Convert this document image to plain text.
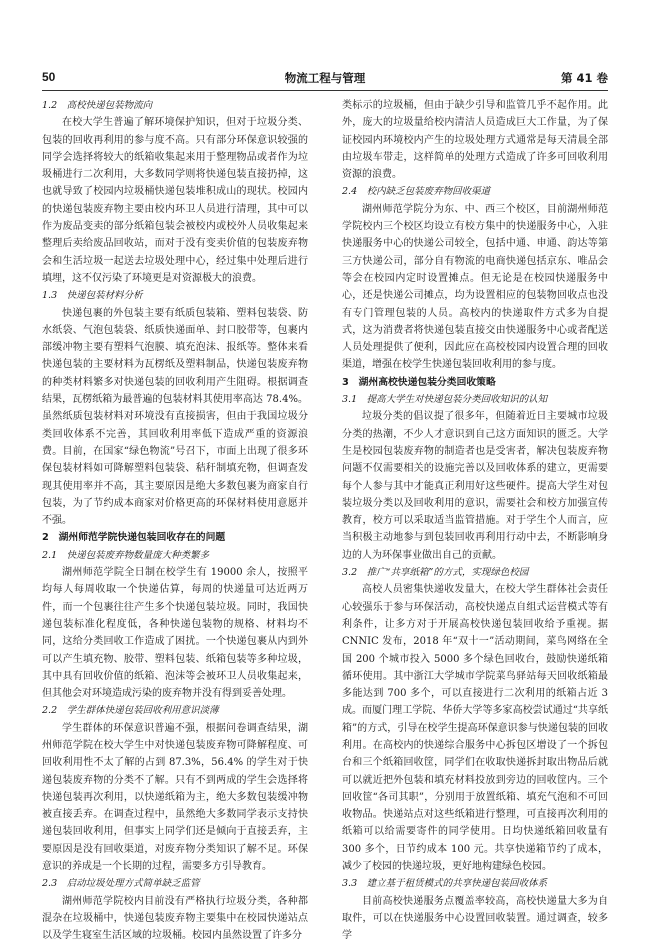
50	物流工程与管理	第 41 卷
1.2　高校快递包装物流向

在校大学生普遍了解环境保护知识，但对于垃圾分类、包装的回收再利用的参与度不高。只有部分环保意识较强的同学会选择将较大的纸箱收集起来用于整理物品或者作为垃圾桶进行二次利用，大多数同学则将快递包装直接扔掉，这也就导致了校园内垃圾桶快递包装堆积成山的现状。校园内的快递包装废弃物主要由校内环卫人员进行清理，其中可以作为废品变卖的部分纸箱包装会被校内或校外人员收集起来整理后卖给废品回收站，而对于没有变卖价值的包装废弃物会和生活垃圾一起送去垃圾处理中心，经过集中处理后进行填埋，这不仅污染了环境更是对资源极大的浪费。

1.3　快递包装材料分析

快递包裹的外包装主要有纸质包装箱、塑料包装袋、防水纸袋、气泡包装袋、纸质快递面单、封口胶带等，包裹内部缓冲物主要有塑料气泡膜、填充泡沫、报纸等。整体来看快递包装的主要材料为瓦楞纸及塑料制品，快递包装废弃物的种类材料繁多对快递包装的回收利用产生阻碍。根据调查结果，瓦楞纸箱为最普遍的包装材料其使用率高达 78.4%。虽然纸质包装材料对环境没有直接损害，但由于我国垃圾分类回收体系不完善，其回收利用率低下造成严重的资源浪费。目前，在国家“绿色物流”号召下，市面上出现了很多环保包装材料如可降解塑料包装袋、秸秆制填充物，但调查发现其使用率并不高，其主要原因是绝大多数包裹为商家自行包装，为了节约成本商家对价格更高的环保材料使用意愿并不强。

2　湖州师范学院快递包装回收存在的问题
2.1　快递包装废弃物数量庞大种类繁多

湖州师范学院全日制在校学生有 19000 余人，按照平均每人每周收取一个快递估算，每周的快递量可达近两万件，而一个包裹往往产生多个快递包装垃圾。同时，我国快递包装标准化程度低，各种快递包装物的规格、材料均不同，这给分类回收工作造成了困扰。一个快递包裹从内到外可以产生填充物、胶带、塑料包装、纸箱包装等多种垃圾，其中具有回收价值的纸箱、泡沫等会被环卫人员收集起来，但其他会对环境造成污染的废弃物并没有得到妥善处理。

2.2　学生群体快递包装回收利用意识淡薄

学生群体的环保意识普遍不强，根据问卷调查结果，湖州师范学院在校大学生中对快递包装废弃物可降解程度、可回收利用性不太了解的占到 87.3%，56.4% 的学生对于快递包装废弃物的分类不了解。只有不到两成的学生会选择将快递包装再次利用，以快递纸箱为主，绝大多数包装缓冲物被直接丢弃。在调查过程中，虽然绝大多数同学表示支持快递包装回收利用，但事实上同学们还是倾向于直接丢弃，主要原因是没有回收渠道，对废弃物分类知识了解不足。环保意识的养成是一个长期的过程，需要多方引导教育。

2.3　启动垃圾处理方式简单缺乏监管

湖州师范学院校内目前没有严格执行垃圾分类，各种都混杂在垃圾桶中，快递包装废弃物主要集中在校园快递站点以及学生寝室生活区域的垃圾桶。校园内虽然设置了许多分

类标示的垃圾桶，但由于缺少引导和监管几乎不起作用。此外，庞大的垃圾量给校内清洁人员造成巨大工作量，为了保证校园内环境校内产生的垃圾处理方式通常是每天清晨全部由垃圾车带走，这样简单的处理方式造成了许多可回收利用资源的浪费。

2.4　校内缺乏包装废弃物回收渠道

湖州师范学院分为东、中、西三个校区，目前湖州师范学院校内三个校区均设立有校方集中的快递服务中心，入驻快递服务中心的快递公司较全，包括中通、申通、韵达等第三方快递公司，部分自有物流的电商快递包括京东、唯品会等会在校园内定时设置摊点。但无论是在校园快递服务中心，还是快递公司摊点，均为设置相应的包装物回收点也没有专门管理包装的人员。高校内的快递取件方式多为自提式，这为消费者将快递包装直接交由快递服务中心或者配送人员处理提供了便利，因此应在高校校园内设置合理的回收渠道，增强在校学生快递包装回收利用的参与度。

3　湖州高校快递包装分类回收策略
3.1　提高大学生对快递包装分类回收知识的认知

垃圾分类的倡议提了很多年，但随着近日主要城市垃圾分类的热潮，不少人才意识到自己这方面知识的匮乏。大学生是校园包装废弃物的制造者也是受害者，解决包装废弃物问题不仅需要相关的设施完善以及回收体系的建立，更需要每个人参与其中才能真正利用好这些硬件。提高大学生对包装垃圾分类以及回收利用的意识，需要社会和校方加强宣传教育，校方可以采取适当监管措施。对于学生个人而言，应当积极主动地参与到包装回收再利用行动中去，不断影响身边的人为环保事业做出自己的贡献。

3.2　推广“共享纸箱”的方式，实现绿色校园

高校人员密集快递收发量大，在校大学生群体社会责任心较强乐于参与环保活动，高校快递点自组式运营模式等有利条件，让多方对于开展高校快递包装回收给予重视。据 CNNIC 发布，2018 年“双十一”活动期间，菜鸟网络在全国 200 个城市投入 5000 多个绿色回收台，鼓励快递纸箱循环使用。其中浙江大学城市学院菜鸟驿站每天回收纸箱最多能达到 700 多个，可以直接进行二次利用的纸箱占近 3 成。而厦门理工学院、华侨大学等多家高校尝试通过“共享纸箱”的方式，引导在校学生提高环保意识参与快递包装的回收利用。在高校内的快递综合服务中心拆包区增设了一个拆包台和三个纸箱回收筐，同学们在收取快递拆封取出物品后就可以就近把外包装和填充材料投放到旁边的回收筐内。三个回收筐“各司其职”，分别用于放置纸箱、填充气泡和不可回收物品。快递站点对这些纸箱进行整理，可直接再次利用的纸箱可以给需要寄件的同学使用。日均快递纸箱回收量有 300 多个，日节约成本 100 元。共享快递箱节约了成本，减少了校园的快递垃圾，更好地构建绿色校园。

3.3　建立基于租赁模式的共享快递包装回收体系

目前高校快递服务点覆盖率较高，高校快递量大多为自取件，可以在快递服务中心设置回收装置。通过调查，较多学
